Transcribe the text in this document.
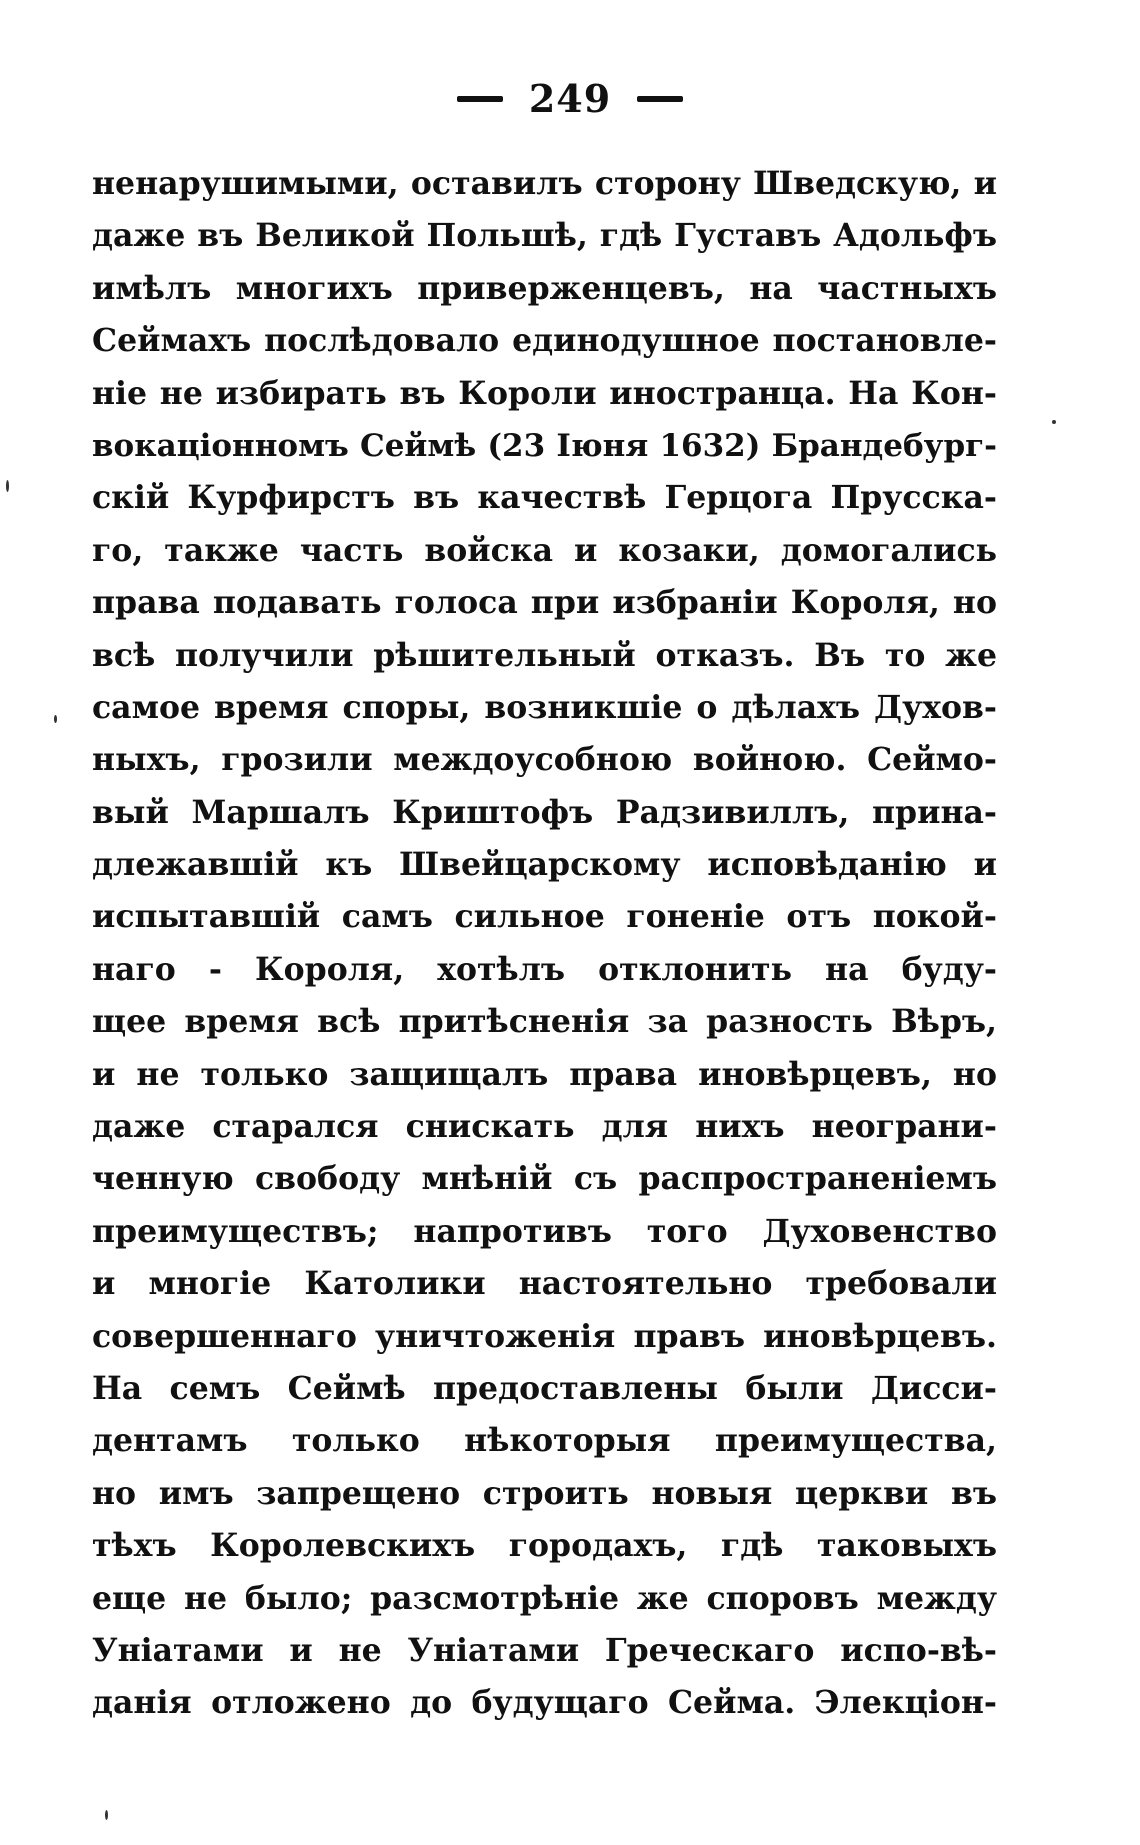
249
ненарушимыми, оставилъ сторону Шведскую, и
даже въ Великой Польшѣ, гдѣ Густавъ Адольфъ
имѣлъ многихъ приверженцевъ, на частныхъ
Сеймахъ послѣдовало единодушное постановле-
ніе не избирать въ Короли иностранца. На Кон-
вокаціонномъ Сеймѣ (23 Іюня 1632) Брандебург-
скій Курфирстъ въ качествѣ Герцога Прусска-
го, также часть войска и козаки, домогались
права подавать голоса при избраніи Короля, но
всѣ получили рѣшительный отказъ. Въ то же
самое время споры, возникшіе о дѣлахъ Духов-
ныхъ, грозили междоусобною войною. Сеймо-
вый Маршалъ Криштофъ Радзивиллъ, прина-
длежавшій къ Швейцарскому исповѣданію и
испытавшій самъ сильное гоненіе отъ покой-
наго - Короля, хотѣлъ отклонить на буду-
щее время всѣ притѣсненія за разность Вѣръ,
и не только защищалъ права иновѣрцевъ, но
даже старался снискать для нихъ неограни-
ченную свободу мнѣній съ распространеніемъ
преимуществъ; напротивъ того Духовенство
и многіе Католики настоятельно требовали
совершеннаго уничтоженія правъ иновѣрцевъ.
На семъ Сеймѣ предоставлены были Дисси-
дентамъ только нѣкоторыя преимущества,
но имъ запрещено строить новыя церкви въ
тѣхъ Королевскихъ городахъ, гдѣ таковыхъ
еще не было; разсмотрѣніе же споровъ между
Уніатами и не Уніатами Греческаго испо-вѣ-
данія отложено до будущаго Сейма. Элекціон-
